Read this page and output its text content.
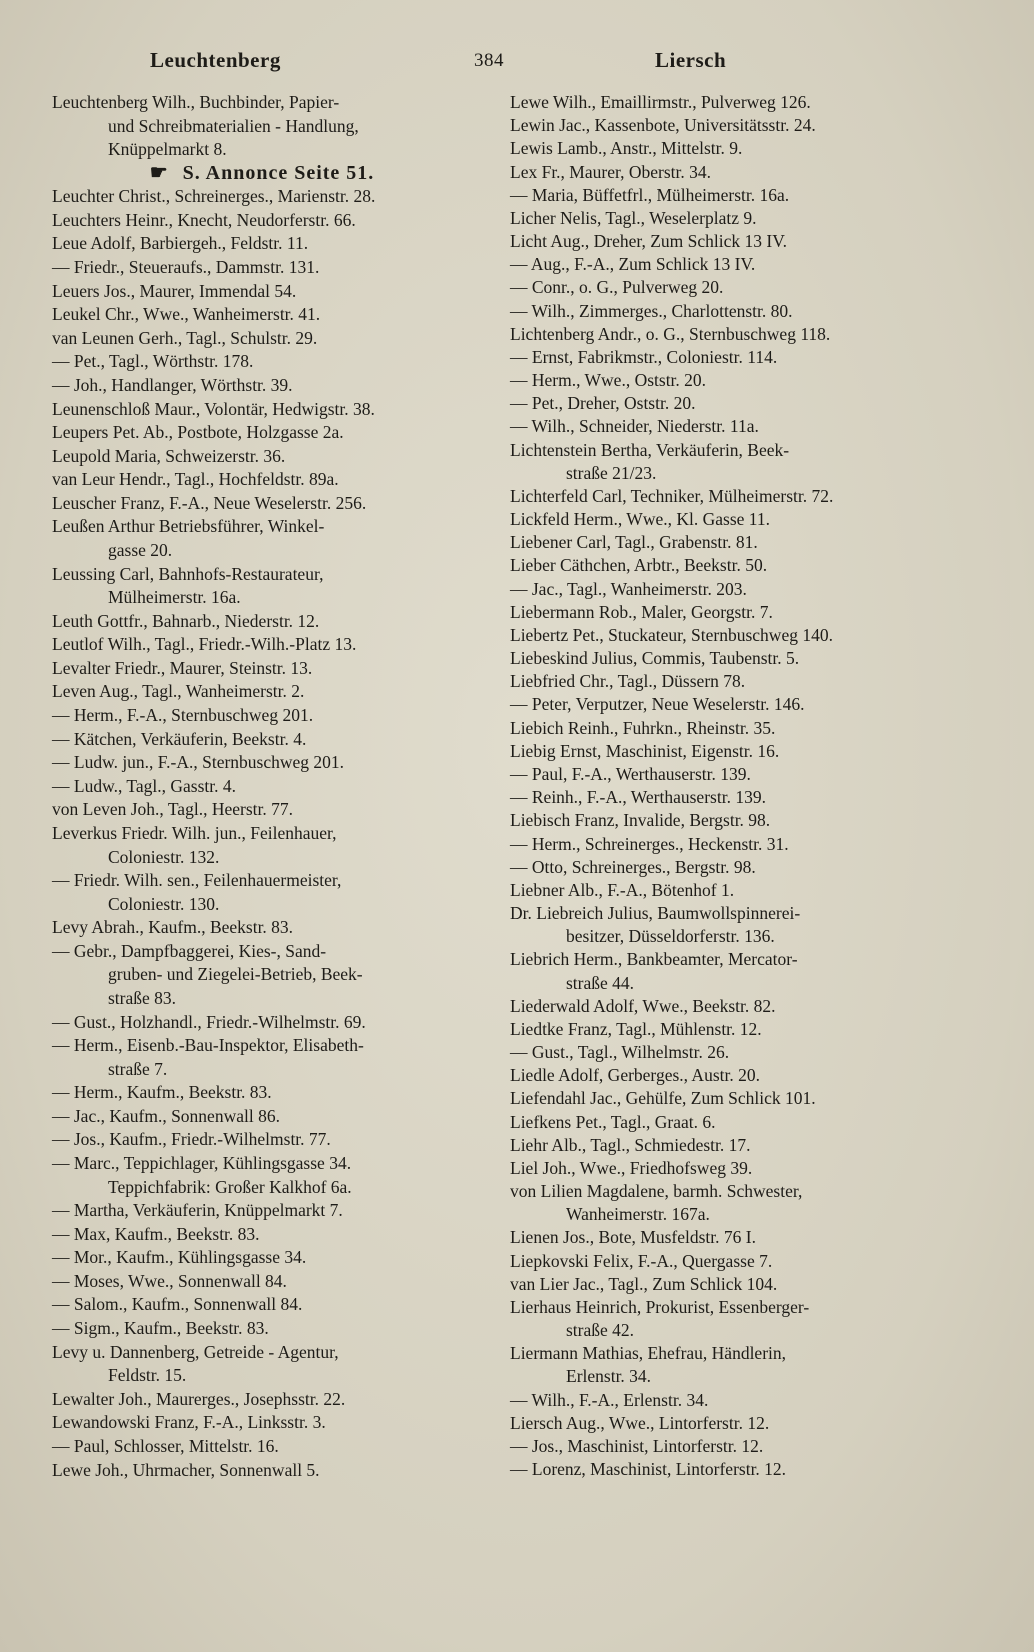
Leuchtenberg	384	Liersch
Leuchtenberg Wilh., Buchbinder, Papier-
und Schreibmaterialien - Handlung,
Knüppelmarkt 8.
☛ S. Annonce Seite 51.
Leuchter Christ., Schreinerges., Marienstr. 28.
Leuchters Heinr., Knecht, Neudorferstr. 66.
Leue Adolf, Barbiergeh., Feldstr. 11.
— Friedr., Steueraufs., Dammstr. 131.
Leuers Jos., Maurer, Immendal 54.
Leukel Chr., Wwe., Wanheimerstr. 41.
van Leunen Gerh., Tagl., Schulstr. 29.
— Pet., Tagl., Wörthstr. 178.
— Joh., Handlanger, Wörthstr. 39.
Leunenschloß Maur., Volontär, Hedwigstr. 38.
Leupers Pet. Ab., Postbote, Holzgasse 2a.
Leupold Maria, Schweizerstr. 36.
van Leur Hendr., Tagl., Hochfeldstr. 89a.
Leuscher Franz, F.-A., Neue Weselerstr. 256.
Leußen Arthur Betriebsführer, Winkel-
gasse 20.
Leussing Carl, Bahnhofs-Restaurateur,
Mülheimerstr. 16a.
Leuth Gottfr., Bahnarb., Niederstr. 12.
Leutlof Wilh., Tagl., Friedr.-Wilh.-Platz 13.
Levalter Friedr., Maurer, Steinstr. 13.
Leven Aug., Tagl., Wanheimerstr. 2.
— Herm., F.-A., Sternbuschweg 201.
— Kätchen, Verkäuferin, Beekstr. 4.
— Ludw. jun., F.-A., Sternbuschweg 201.
— Ludw., Tagl., Gasstr. 4.
von Leven Joh., Tagl., Heerstr. 77.
Leverkus Friedr. Wilh. jun., Feilenhauer,
Coloniestr. 132.
— Friedr. Wilh. sen., Feilenhauermeister,
Coloniestr. 130.
Levy Abrah., Kaufm., Beekstr. 83.
— Gebr., Dampfbaggerei, Kies-, Sand-
gruben- und Ziegelei-Betrieb, Beek-
straße 83.
— Gust., Holzhandl., Friedr.-Wilhelmstr. 69.
— Herm., Eisenb.-Bau-Inspektor, Elisabeth-
straße 7.
— Herm., Kaufm., Beekstr. 83.
— Jac., Kaufm., Sonnenwall 86.
— Jos., Kaufm., Friedr.-Wilhelmstr. 77.
— Marc., Teppichlager, Kühlingsgasse 34.
Teppichfabrik: Großer Kalkhof 6a.
— Martha, Verkäuferin, Knüppelmarkt 7.
— Max, Kaufm., Beekstr. 83.
— Mor., Kaufm., Kühlingsgasse 34.
— Moses, Wwe., Sonnenwall 84.
— Salom., Kaufm., Sonnenwall 84.
— Sigm., Kaufm., Beekstr. 83.
Levy u. Dannenberg, Getreide - Agentur,
Feldstr. 15.
Lewalter Joh., Maurerges., Josephsstr. 22.
Lewandowski Franz, F.-A., Linksstr. 3.
— Paul, Schlosser, Mittelstr. 16.
Lewe Joh., Uhrmacher, Sonnenwall 5.
Lewe Wilh., Emaillirmstr., Pulverweg 126.
Lewin Jac., Kassenbote, Universitätsstr. 24.
Lewis Lamb., Anstr., Mittelstr. 9.
Lex Fr., Maurer, Oberstr. 34.
— Maria, Büffetfrl., Mülheimerstr. 16a.
Licher Nelis, Tagl., Weselerplatz 9.
Licht Aug., Dreher, Zum Schlick 13 IV.
— Aug., F.-A., Zum Schlick 13 IV.
— Conr., o. G., Pulverweg 20.
— Wilh., Zimmerges., Charlottenstr. 80.
Lichtenberg Andr., o. G., Sternbuschweg 118.
— Ernst, Fabrikmstr., Coloniestr. 114.
— Herm., Wwe., Oststr. 20.
— Pet., Dreher, Oststr. 20.
— Wilh., Schneider, Niederstr. 11a.
Lichtenstein Bertha, Verkäuferin, Beek-
straße 21/23.
Lichterfeld Carl, Techniker, Mülheimerstr. 72.
Lickfeld Herm., Wwe., Kl. Gasse 11.
Liebener Carl, Tagl., Grabenstr. 81.
Lieber Cäthchen, Arbtr., Beekstr. 50.
— Jac., Tagl., Wanheimerstr. 203.
Liebermann Rob., Maler, Georgstr. 7.
Liebertz Pet., Stuckateur, Sternbuschweg 140.
Liebeskind Julius, Commis, Taubenstr. 5.
Liebfried Chr., Tagl., Düssern 78.
— Peter, Verputzer, Neue Weselerstr. 146.
Liebich Reinh., Fuhrkn., Rheinstr. 35.
Liebig Ernst, Maschinist, Eigenstr. 16.
— Paul, F.-A., Werthauserstr. 139.
— Reinh., F.-A., Werthauserstr. 139.
Liebisch Franz, Invalide, Bergstr. 98.
— Herm., Schreinerges., Heckenstr. 31.
— Otto, Schreinerges., Bergstr. 98.
Liebner Alb., F.-A., Bötenhof 1.
Dr. Liebreich Julius, Baumwollspinnerei-
besitzer, Düsseldorferstr. 136.
Liebrich Herm., Bankbeamter, Mercator-
straße 44.
Liederwald Adolf, Wwe., Beekstr. 82.
Liedtke Franz, Tagl., Mühlenstr. 12.
— Gust., Tagl., Wilhelmstr. 26.
Liedle Adolf, Gerberges., Austr. 20.
Liefendahl Jac., Gehülfe, Zum Schlick 101.
Liefkens Pet., Tagl., Graat. 6.
Liehr Alb., Tagl., Schmiedestr. 17.
Liel Joh., Wwe., Friedhofsweg 39.
von Lilien Magdalene, barmh. Schwester,
Wanheimerstr. 167a.
Lienen Jos., Bote, Musfeldstr. 76 I.
Liepkovski Felix, F.-A., Quergasse 7.
van Lier Jac., Tagl., Zum Schlick 104.
Lierhaus Heinrich, Prokurist, Essenberger-
straße 42.
Liermann Mathias, Ehefrau, Händlerin,
Erlenstr. 34.
— Wilh., F.-A., Erlenstr. 34.
Liersch Aug., Wwe., Lintorferstr. 12.
— Jos., Maschinist, Lintorferstr. 12.
— Lorenz, Maschinist, Lintorferstr. 12.
